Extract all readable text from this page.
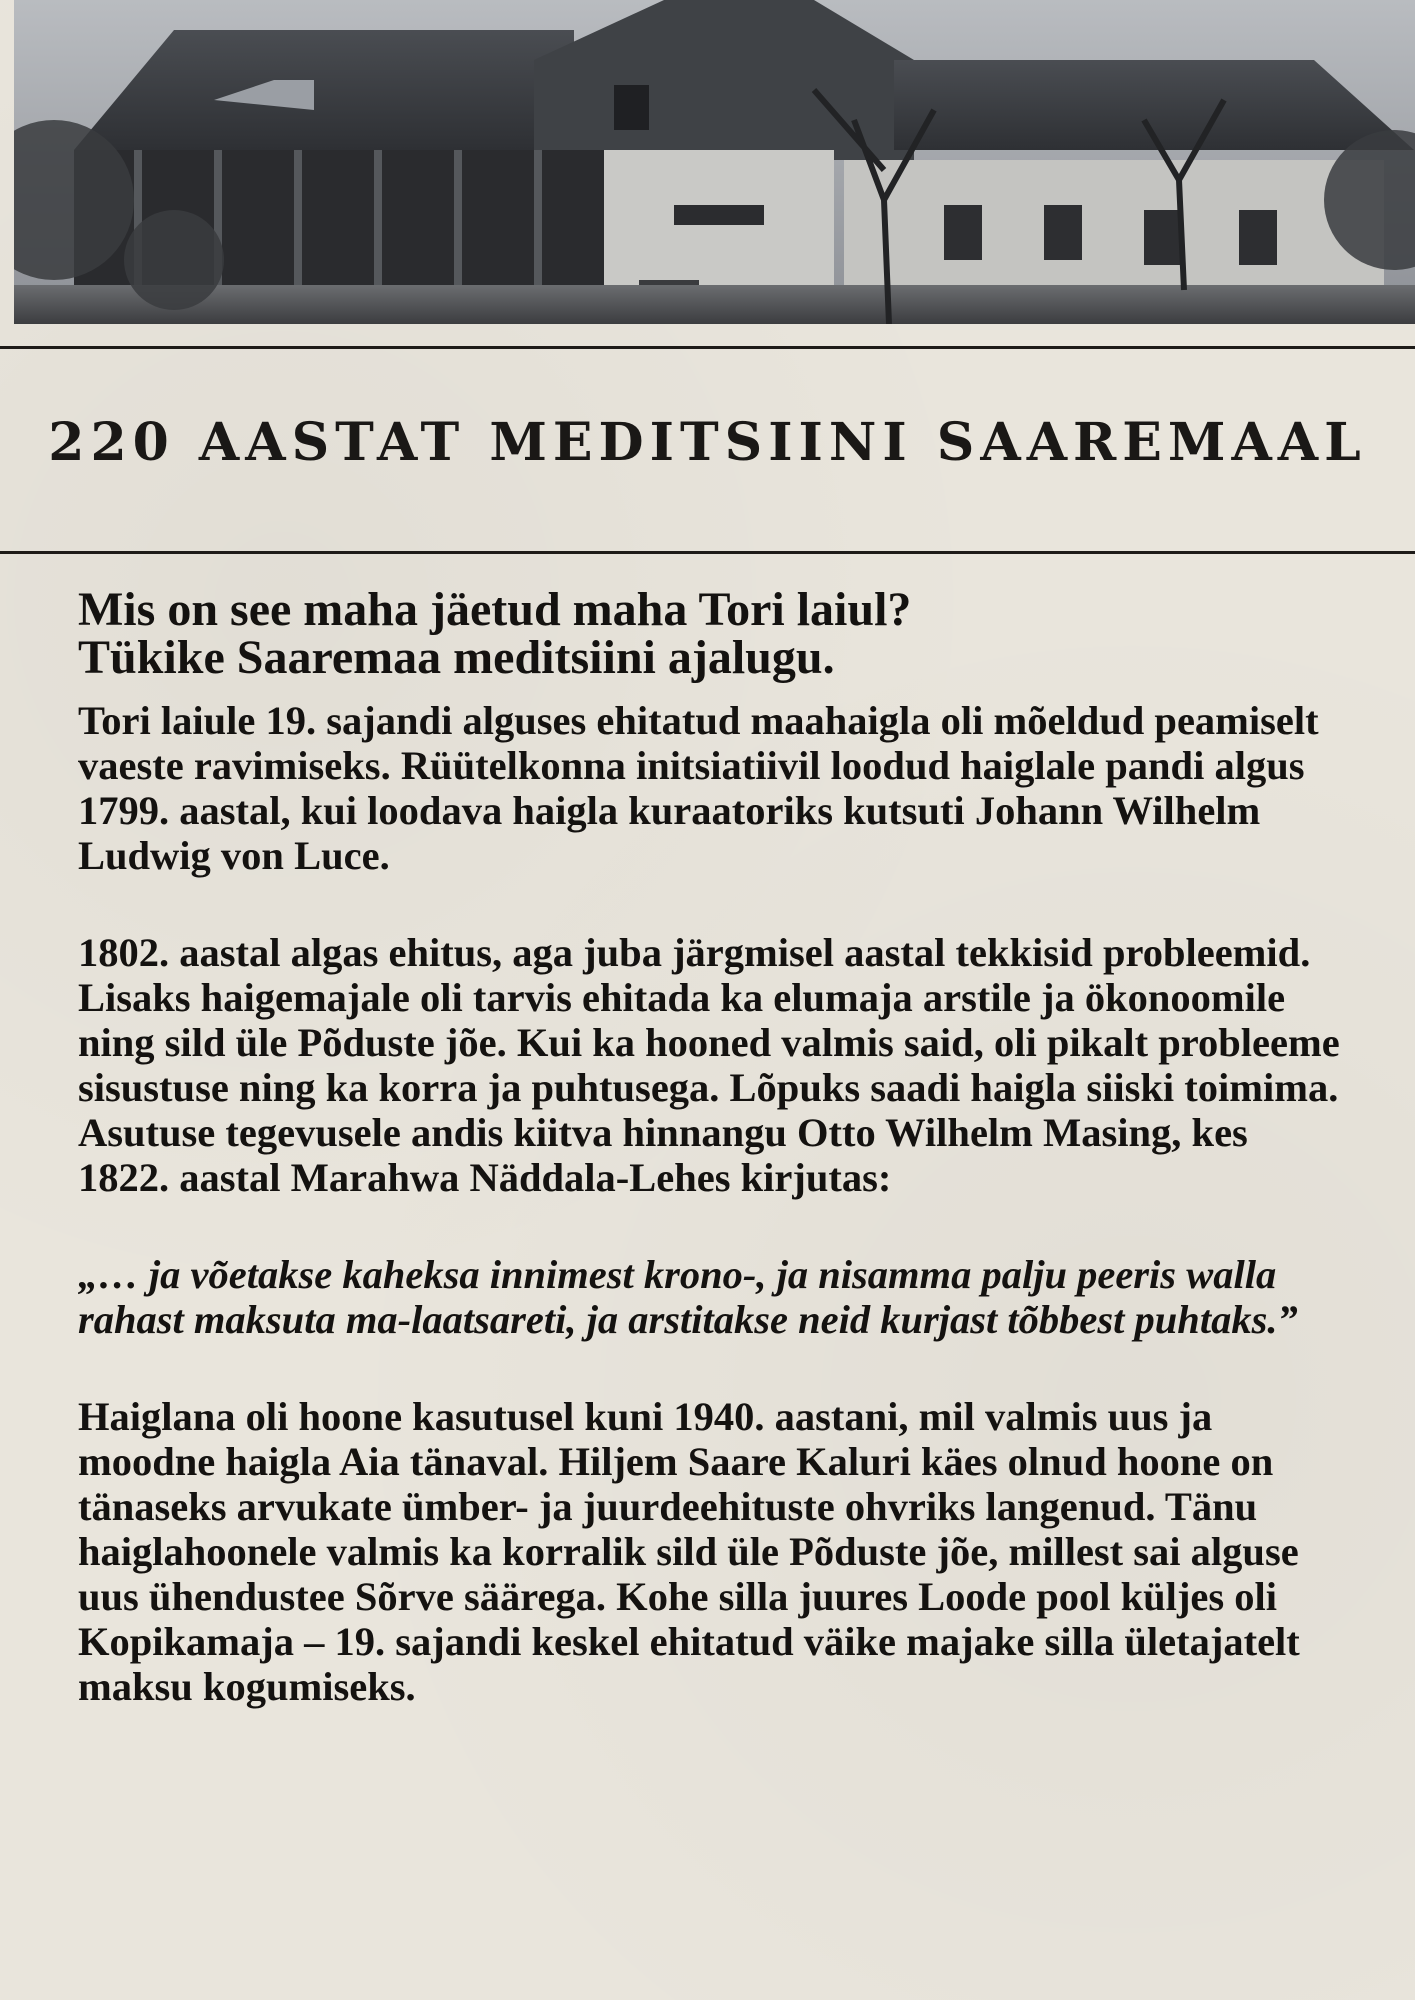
220 AASTAT MEDITSIINI SAAREMAAL
Mis on see maha jäetud maha Tori laiul?
Tükike Saaremaa meditsiini ajalugu.

Tori laiule 19. sajandi alguses ehitatud maahaigla oli mõeldud peamiselt vaeste ravimiseks. Rüütelkonna initsiatiivil loodud haiglale pandi algus 1799. aastal, kui loodava haigla kuraatoriks kutsuti Johann Wilhelm Ludwig von Luce.

1802. aastal algas ehitus, aga juba järgmisel aastal tekkisid probleemid. Lisaks haigemajale oli tarvis ehitada ka elumaja arstile ja ökonoomile ning sild üle Põduste jõe. Kui ka hooned valmis said, oli pikalt probleeme sisustuse ning ka korra ja puhtusega. Lõpuks saadi haigla siiski toimima. Asutuse tegevusele andis kiitva hinnangu Otto Wilhelm Masing, kes 1822. aastal Marahwa Näddala-Lehes kirjutas:

„… ja võetakse kaheksa innimest krono-, ja nisamma palju peeris walla rahast maksuta ma-laatsareti, ja arstitakse neid kurjast tõbbest puhtaks.”

Haiglana oli hoone kasutusel kuni 1940. aastani, mil valmis uus ja moodne haigla Aia tänaval. Hiljem Saare Kaluri käes olnud hoone on tänaseks arvukate ümber- ja juurdeehituste ohvriks langenud. Tänu haiglahoonele valmis ka korralik sild üle Põduste jõe, millest sai alguse uus ühendustee Sõrve säärega. Kohe silla juures Loode pool küljes oli Kopikamaja – 19. sajandi keskel ehitatud väike majake silla ületajatelt maksu kogumiseks.
